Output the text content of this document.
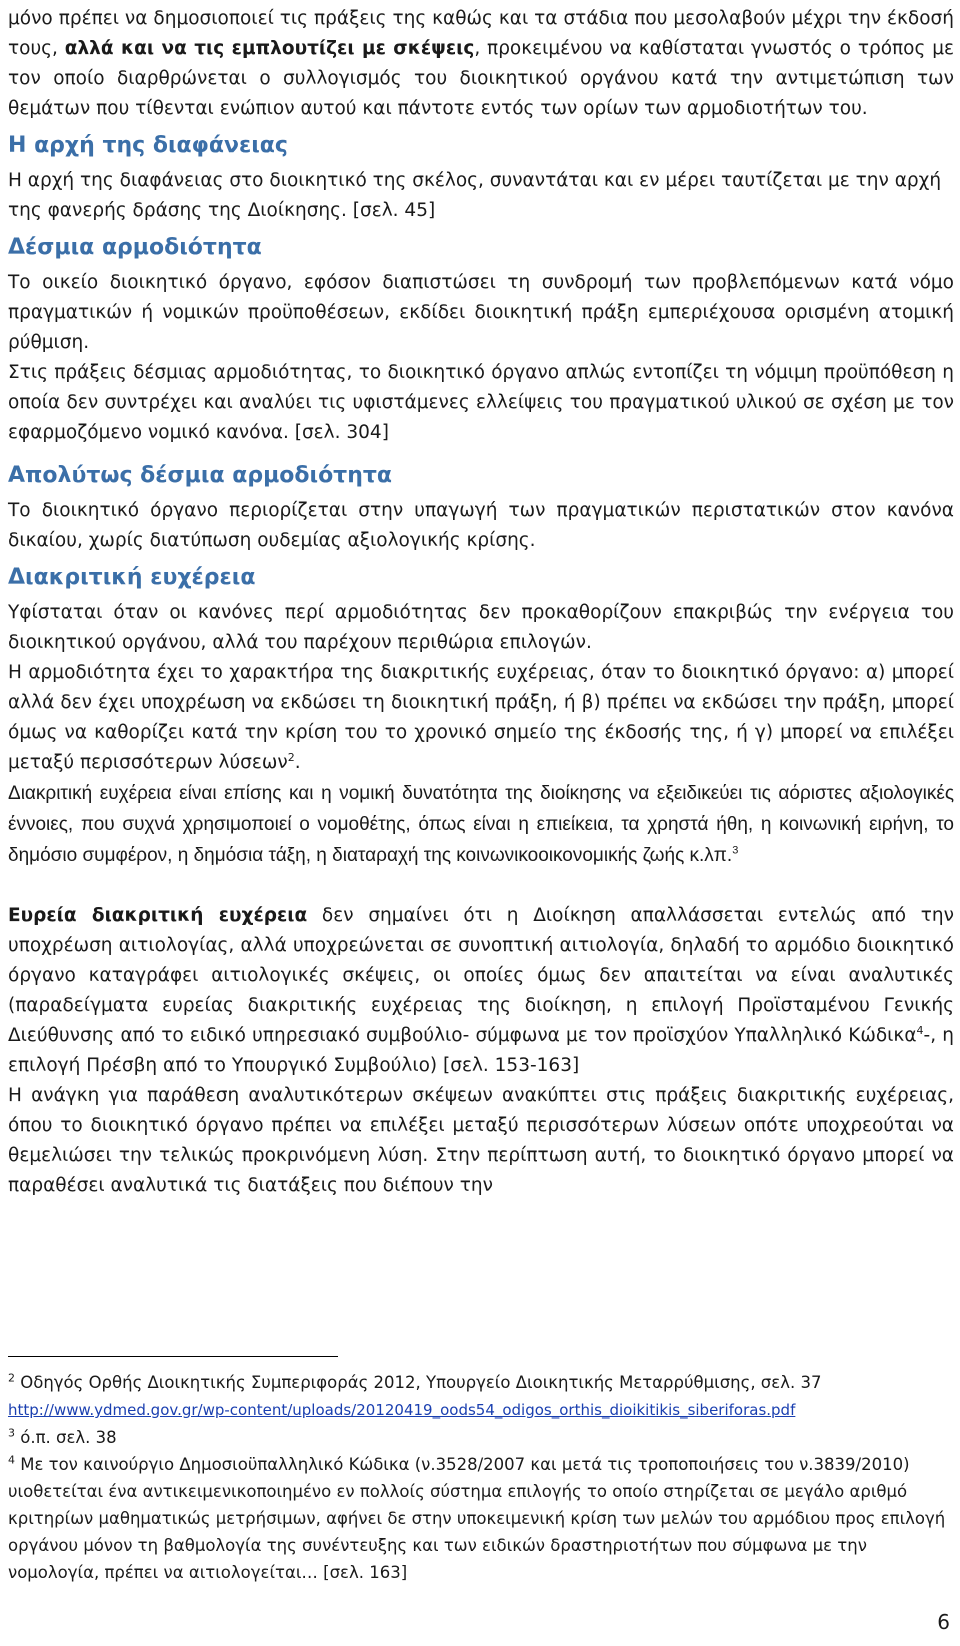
μόνο πρέπει να δημοσιοποιεί τις πράξεις της καθώς και τα στάδια που μεσολαβούν μέχρι την έκδοσή τους, αλλά και να τις εμπλουτίζει με σκέψεις, προκειμένου να καθίσταται γνωστός ο τρόπος με τον οποίο διαρθρώνεται ο συλλογισμός του διοικητικού οργάνου κατά την αντιμετώπιση των θεμάτων που τίθενται ενώπιον αυτού και πάντοτε εντός των ορίων των αρμοδιοτήτων του.

Η αρχή της διαφάνειας

Η αρχή της διαφάνειας στο διοικητικό της σκέλος, συναντάται και εν μέρει ταυτίζεται με την αρχή της φανερής δράσης της Διοίκησης. [σελ. 45]

Δέσμια αρμοδιότητα

Το οικείο διοικητικό όργανο, εφόσον διαπιστώσει τη συνδρομή των προβλεπόμενων κατά νόμο πραγματικών ή νομικών προϋποθέσεων, εκδίδει διοικητική πράξη εμπεριέχουσα ορισμένη ατομική ρύθμιση.

Στις πράξεις δέσμιας αρμοδιότητας, το διοικητικό όργανο απλώς εντοπίζει τη νόμιμη προϋπόθεση η οποία δεν συντρέχει και αναλύει τις υφιστάμενες ελλείψεις του πραγματικού υλικού σε σχέση με τον εφαρμοζόμενο νομικό κανόνα. [σελ. 304]

Απολύτως δέσμια αρμοδιότητα

Το διοικητικό όργανο περιορίζεται στην υπαγωγή των πραγματικών περιστατικών στον κανόνα δικαίου, χωρίς διατύπωση ουδεμίας αξιολογικής κρίσης.

Διακριτική ευχέρεια

Υφίσταται όταν οι κανόνες περί αρμοδιότητας δεν προκαθορίζουν επακριβώς την ενέργεια του διοικητικού οργάνου, αλλά του παρέχουν περιθώρια επιλογών.

Η αρμοδιότητα έχει το χαρακτήρα της διακριτικής ευχέρειας, όταν το διοικητικό όργανο: α) μπορεί αλλά δεν έχει υποχρέωση να εκδώσει τη διοικητική πράξη, ή β) πρέπει να εκδώσει την πράξη, μπορεί όμως να καθορίζει κατά την κρίση του το χρονικό σημείο της έκδοσής της, ή γ) μπορεί να επιλέξει μεταξύ περισσότερων λύσεων$^2$.

Διακριτική ευχέρεια είναι επίσης και η νομική δυνατότητα της διοίκησης να εξειδικεύει τις αόριστες αξιολογικές έννοιες, που συχνά χρησιμοποιεί ο νομοθέτης, όπως είναι η επιείκεια, τα χρηστά ήθη, η κοινωνική ειρήνη, το δημόσιο συμφέρον, η δημόσια τάξη, η διαταραχή της κοινωνικοοικονομικής ζωής κ.λπ.$^3$

Ευρεία διακριτική ευχέρεια δεν σημαίνει ότι η Διοίκηση απαλλάσσεται εντελώς από την υποχρέωση αιτιολογίας, αλλά υποχρεώνεται σε συνοπτική αιτιολογία, δηλαδή το αρμόδιο διοικητικό όργανο καταγράφει αιτιολογικές σκέψεις, οι οποίες όμως δεν απαιτείται να είναι αναλυτικές (παραδείγματα ευρείας διακριτικής ευχέρειας της διοίκηση, η επιλογή Προϊσταμένου Γενικής Διεύθυνσης από το ειδικό υπηρεσιακό συμβούλιο- σύμφωνα με τον προϊσχύον Υπαλληλικό Κώδικα$^4$-, η επιλογή Πρέσβη από το Υπουργικό Συμβούλιο) [σελ. 153-163]

Η ανάγκη για παράθεση αναλυτικότερων σκέψεων ανακύπτει στις πράξεις διακριτικής ευχέρειας, όπου το διοικητικό όργανο πρέπει να επιλέξει μεταξύ περισσότερων λύσεων οπότε υποχρεούται να θεμελιώσει την τελικώς προκρινόμενη λύση. Στην περίπτωση αυτή, το διοικητικό όργανο μπορεί να παραθέσει αναλυτικά τις διατάξεις που διέπουν την

$^2$ Οδηγός Ορθής Διοικητικής Συμπεριφοράς 2012, Υπουργείο Διοικητικής Μεταρρύθμισης, σελ. 37
http://www.ydmed.gov.gr/wp-content/uploads/20120419_oods54_odigos_orthis_dioikitikis_siberiforas.pdf

$^3$ ό.π. σελ. 38

$^4$ Με τον καινούργιο Δημοσιοϋπαλληλικό Κώδικα (ν.3528/2007 και μετά τις τροποποιήσεις του ν.3839/2010) υιοθετείται ένα αντικειμενικοποιημένο εν πολλοίς σύστημα επιλογής το οποίο στηρίζεται σε μεγάλο αριθμό κριτηρίων μαθηματικώς μετρήσιμων, αφήνει δε στην υποκειμενική κρίση των μελών του αρμόδιου προς επιλογή οργάνου μόνον τη βαθμολογία της συνέντευξης και των ειδικών δραστηριοτήτων που σύμφωνα με την νομολογία, πρέπει να αιτιολογείται… [σελ. 163]

6
